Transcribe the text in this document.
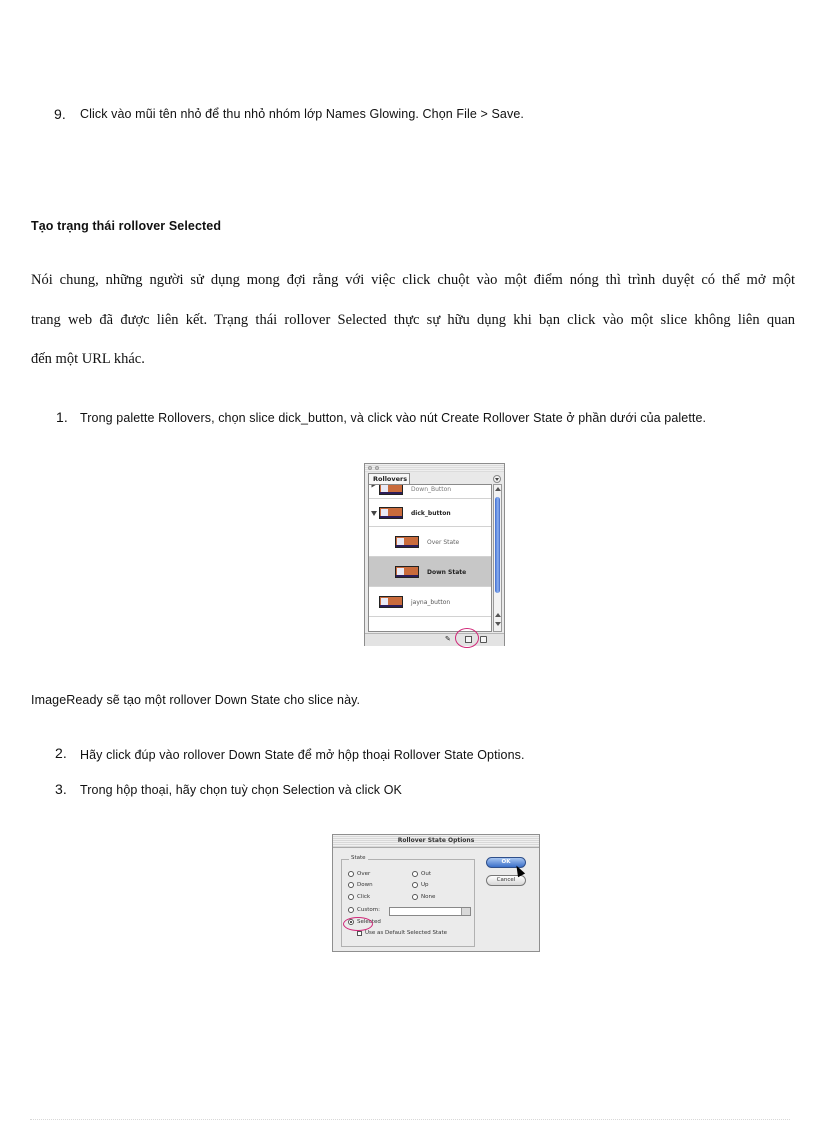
9. Click vào mũi tên nhỏ để thu nhỏ nhóm lớp Names Glowing. Chọn File > Save.
Tạo trạng thái rollover Selected
Nói chung, những người sử dụng mong đợi rằng với việc click chuột vào một điểm nóng thì trình duyệt có thể mở một
trang web đã được liên kết. Trạng thái rollover Selected thực sự hữu dụng khi bạn click vào một slice không liên quan
đến một URL khác.
1. Trong palette Rollovers, chọn slice dick_button, và click vào nút Create Rollover State ở phần dưới của palette.
Rollovers
Down_Button
dick_button
Over State
Down State
jayna_button
✎
ImageReady sẽ tạo một rollover Down State cho slice này.
2. Hãy click đúp vào rollover Down State để mở hộp thoại Rollover State Options.
3. Trong hộp thoại, hãy chọn tuỳ chọn Selection và click OK
Rollover State Options
State
Over
Down
Click
Custom:
Selected
Out
Up
None
Use as Default Selected State
OK
Cancel
